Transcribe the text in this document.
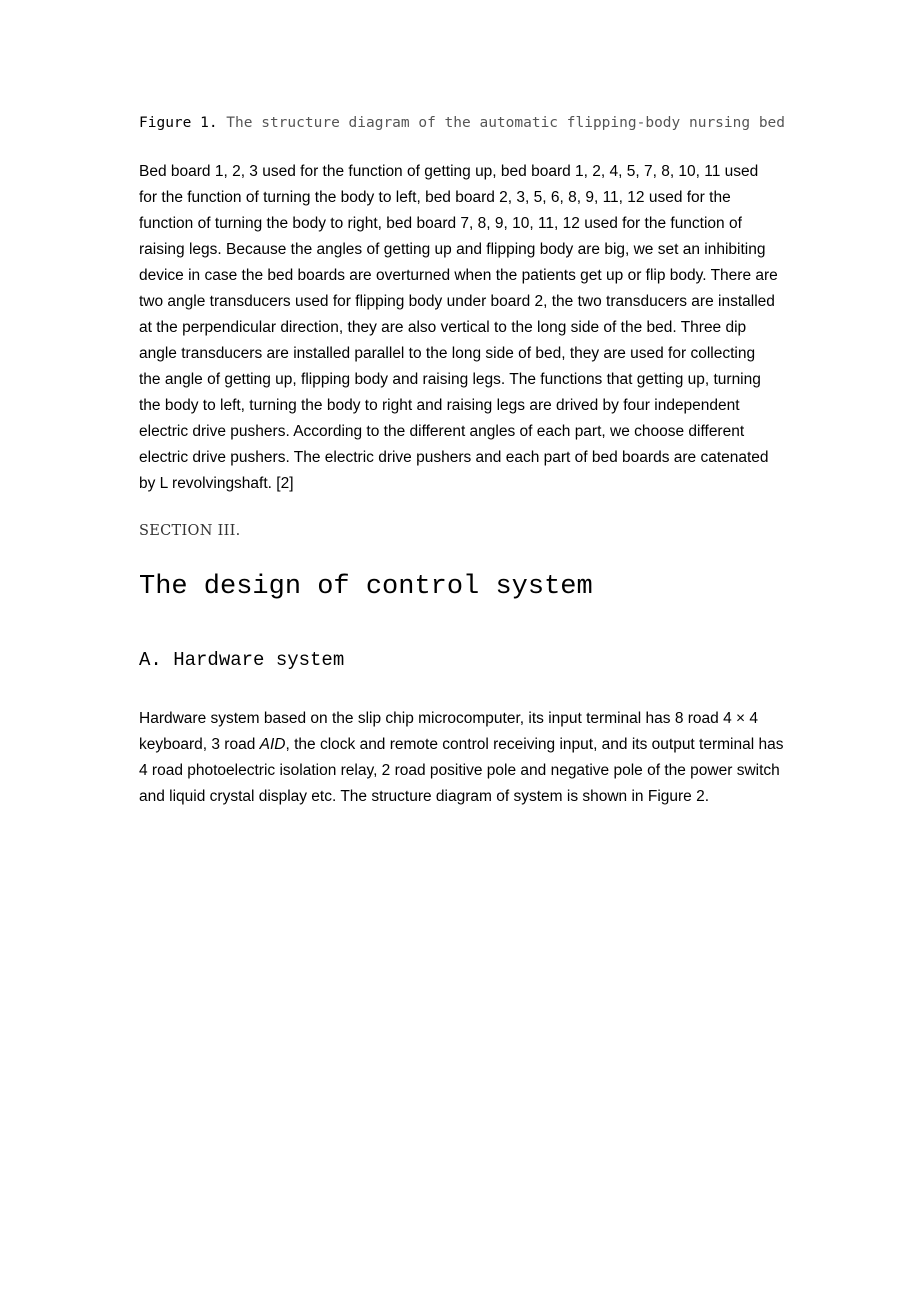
Figure 1. The structure diagram of the automatic flipping-body nursing bed

Bed board 1, 2, 3 used for the function of getting up, bed board 1, 2, 4, 5, 7, 8, 10, 11 used for the function of turning the body to left, bed board 2, 3, 5, 6, 8, 9, 11, 12 used for the function of turning the body to right, bed board 7, 8, 9, 10, 11, 12 used for the function of raising legs. Because the angles of getting up and flipping body are big, we set an inhibiting device in case the bed boards are overturned when the patients get up or flip body. There are two angle transducers used for flipping body under board 2, the two transducers are installed at the perpendicular direction, they are also vertical to the long side of the bed. Three dip angle transducers are installed parallel to the long side of bed, they are used for collecting the angle of getting up, flipping body and raising legs. The functions that getting up, turning the body to left, turning the body to right and raising legs are drived by four independent electric drive pushers. According to the different angles of each part, we choose different electric drive pushers. The electric drive pushers and each part of bed boards are catenated by L revolvingshaft. [2]

SECTION III.
The design of control system
A. Hardware system

Hardware system based on the slip chip microcomputer, its input terminal has 8 road 4 × 4 keyboard, 3 road AID, the clock and remote control receiving input, and its output terminal has 4 road photoelectric isolation relay, 2 road positive pole and negative pole of the power switch and liquid crystal display etc. The structure diagram of system is shown in Figure 2.
